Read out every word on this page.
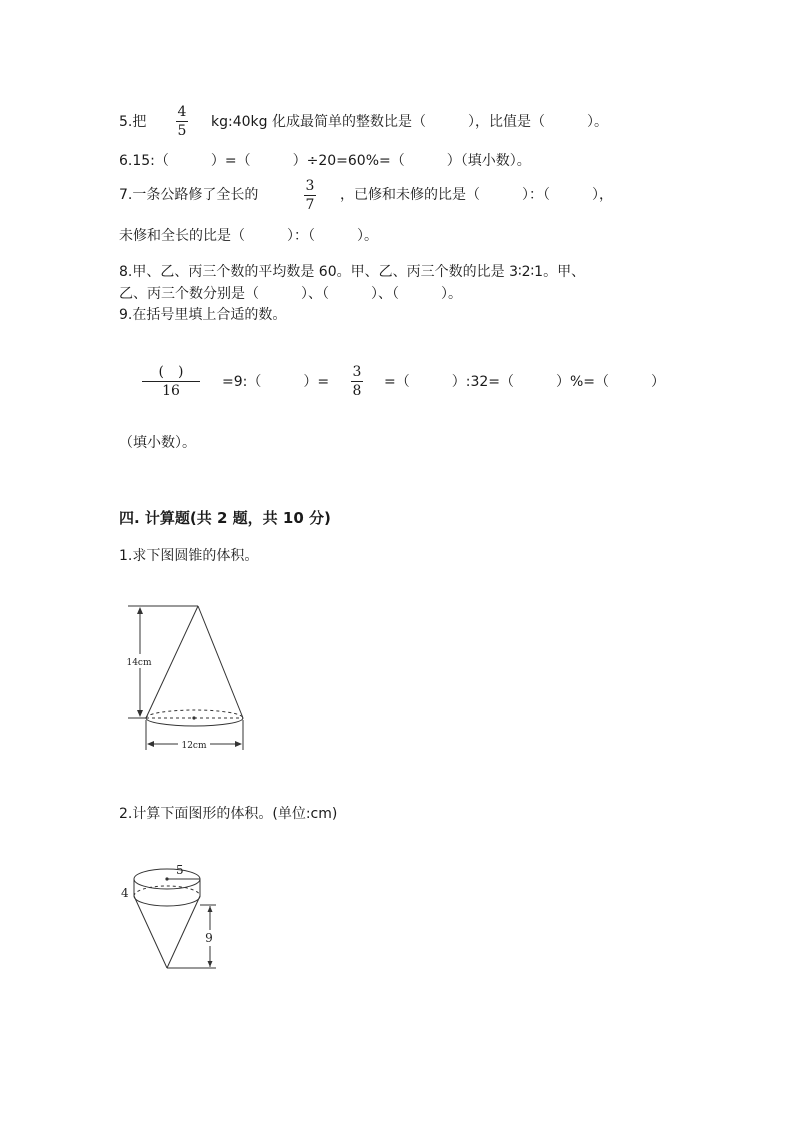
5.把
4
5
kg:40kg 化成最简单的整数比是（　　　），比值是（　　　）。
6.15:（　　　）=（　　　）÷20=60%=（　　　）（填小数）。
7.一条公路修了全长的
3
7
，已修和未修的比是（　　　）：（　　　），
未修和全长的比是（　　　）：（　　　）。
8.甲、乙、丙三个数的平均数是 60。甲、乙、丙三个数的比是 3∶2∶1。甲、
乙、丙三个数分别是（　　　）、（　　　）、（　　　）。
9.在括号里填上合适的数。
(　)
16
=9:（　　　）=
3
8
=（　　　）:32=（　　　）%=（　　　）
（填小数）。
四. 计算题(共 2 题，共 10 分)
1.求下图圆锥的体积。
14cm
12cm
2.计算下面图形的体积。(单位:cm)
5
4
9
